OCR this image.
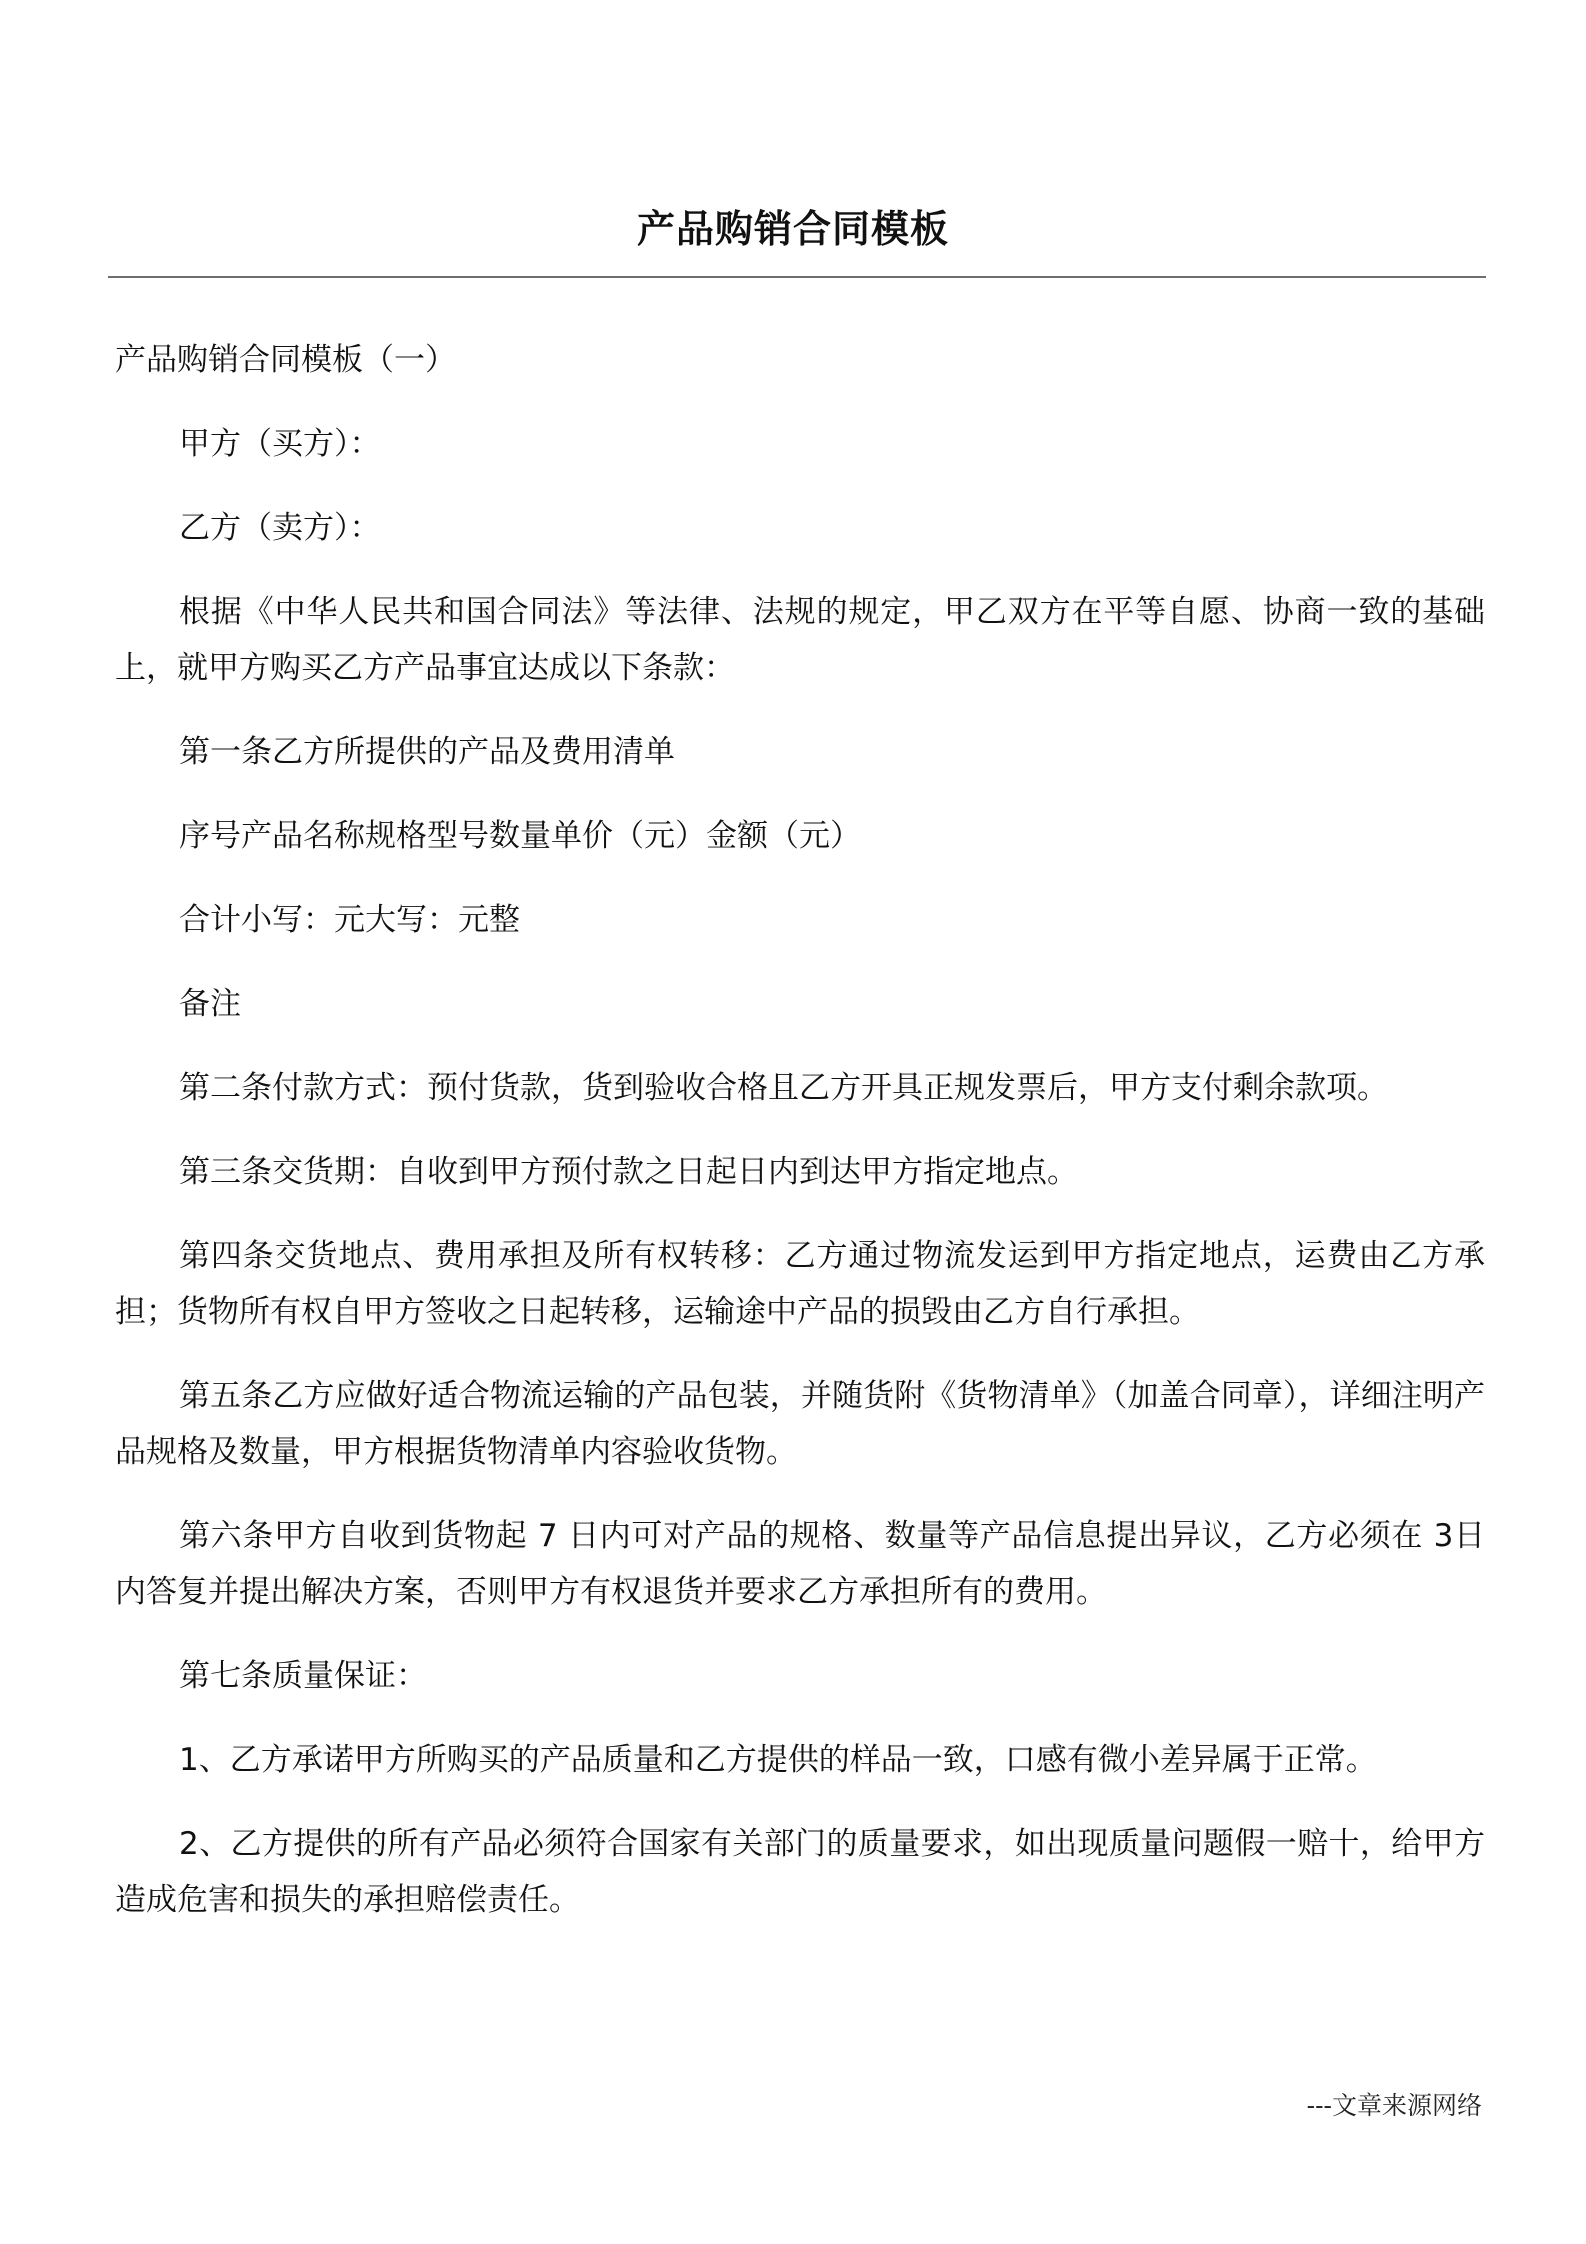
产品购销合同模板

产品购销合同模板（一）

甲方（买方）：

乙方（卖方）：

根据《中华人民共和国合同法》等法律、法规的规定，甲乙双方在平等自愿、协商一致的基础上，就甲方购买乙方产品事宜达成以下条款：

第一条乙方所提供的产品及费用清单

序号产品名称规格型号数量单价（元）金额（元）

合计小写：元大写：元整

备注

第二条付款方式：预付货款，货到验收合格且乙方开具正规发票后，甲方支付剩余款项。

第三条交货期：自收到甲方预付款之日起日内到达甲方指定地点。

第四条交货地点、费用承担及所有权转移：乙方通过物流发运到甲方指定地点，运费由乙方承担；货物所有权自甲方签收之日起转移，运输途中产品的损毁由乙方自行承担。

第五条乙方应做好适合物流运输的产品包装，并随货附《货物清单》（加盖合同章），详细注明产品规格及数量，甲方根据货物清单内容验收货物。

第六条甲方自收到货物起 7 日内可对产品的规格、数量等产品信息提出异议，乙方必须在 3日内答复并提出解决方案，否则甲方有权退货并要求乙方承担所有的费用。

第七条质量保证：

1、乙方承诺甲方所购买的产品质量和乙方提供的样品一致，口感有微小差异属于正常。

2、乙方提供的所有产品必须符合国家有关部门的质量要求，如出现质量问题假一赔十，给甲方造成危害和损失的承担赔偿责任。

---文章来源网络
